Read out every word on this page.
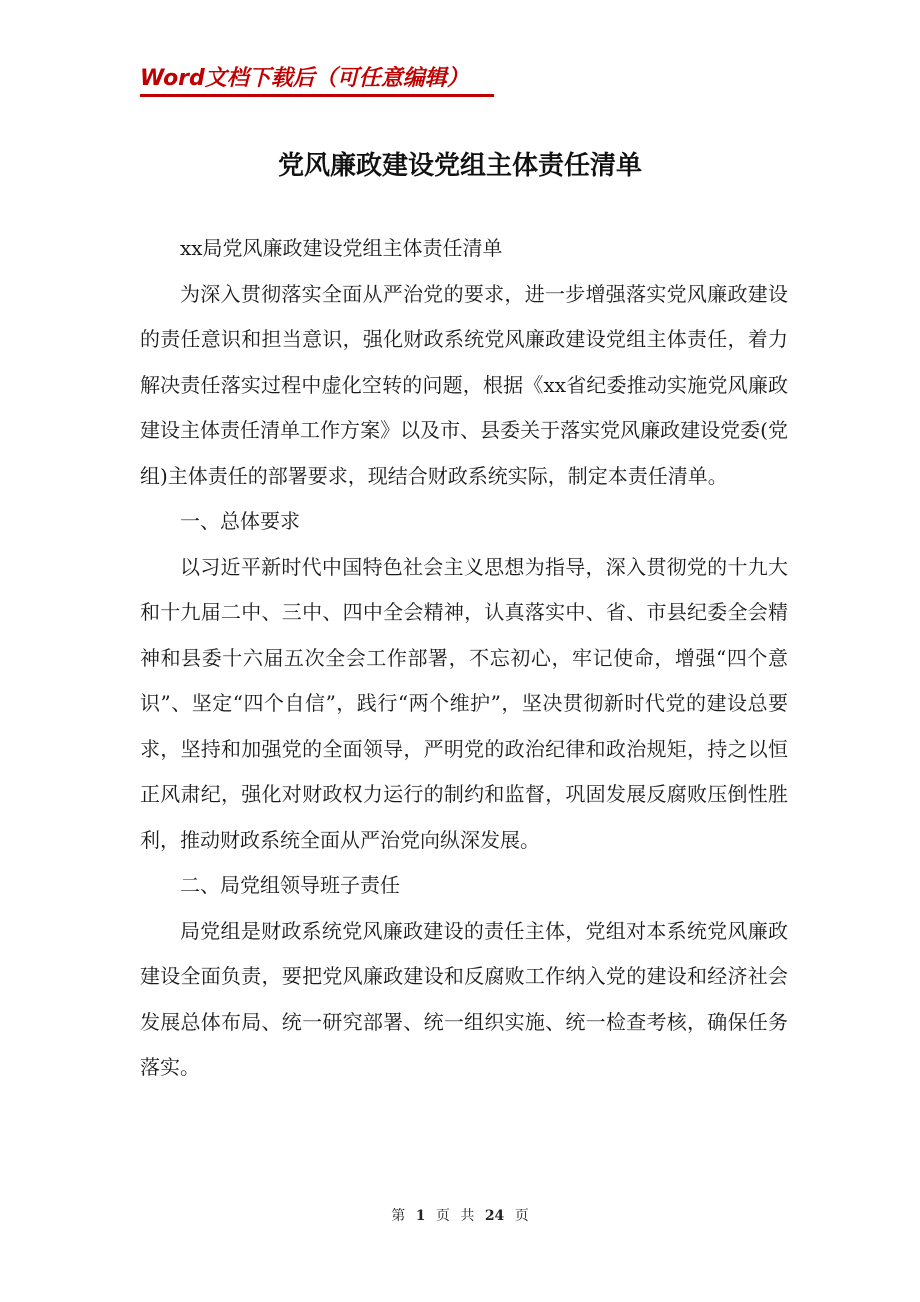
Word文档下载后（可任意编辑）
党风廉政建设党组主体责任清单

xx局党风廉政建设党组主体责任清单

为深入贯彻落实全面从严治党的要求，进一步增强落实党风廉政建设的责任意识和担当意识，强化财政系统党风廉政建设党组主体责任，着力解决责任落实过程中虚化空转的问题，根据《xx省纪委推动实施党风廉政建设主体责任清单工作方案》以及市、县委关于落实党风廉政建设党委(党组)主体责任的部署要求，现结合财政系统实际，制定本责任清单。

一、总体要求

以习近平新时代中国特色社会主义思想为指导，深入贯彻党的十九大和十九届二中、三中、四中全会精神，认真落实中、省、市县纪委全会精神和县委十六届五次全会工作部署，不忘初心，牢记使命，增强“四个意识”、坚定“四个自信”，践行“两个维护”，坚决贯彻新时代党的建设总要求，坚持和加强党的全面领导，严明党的政治纪律和政治规矩，持之以恒正风肃纪，强化对财政权力运行的制约和监督，巩固发展反腐败压倒性胜利，推动财政系统全面从严治党向纵深发展。

二、局党组领导班子责任

局党组是财政系统党风廉政建设的责任主体，党组对本系统党风廉政建设全面负责，要把党风廉政建设和反腐败工作纳入党的建设和经济社会发展总体布局、统一研究部署、统一组织实施、统一检查考核，确保任务落实。

第 1 页 共 24 页
